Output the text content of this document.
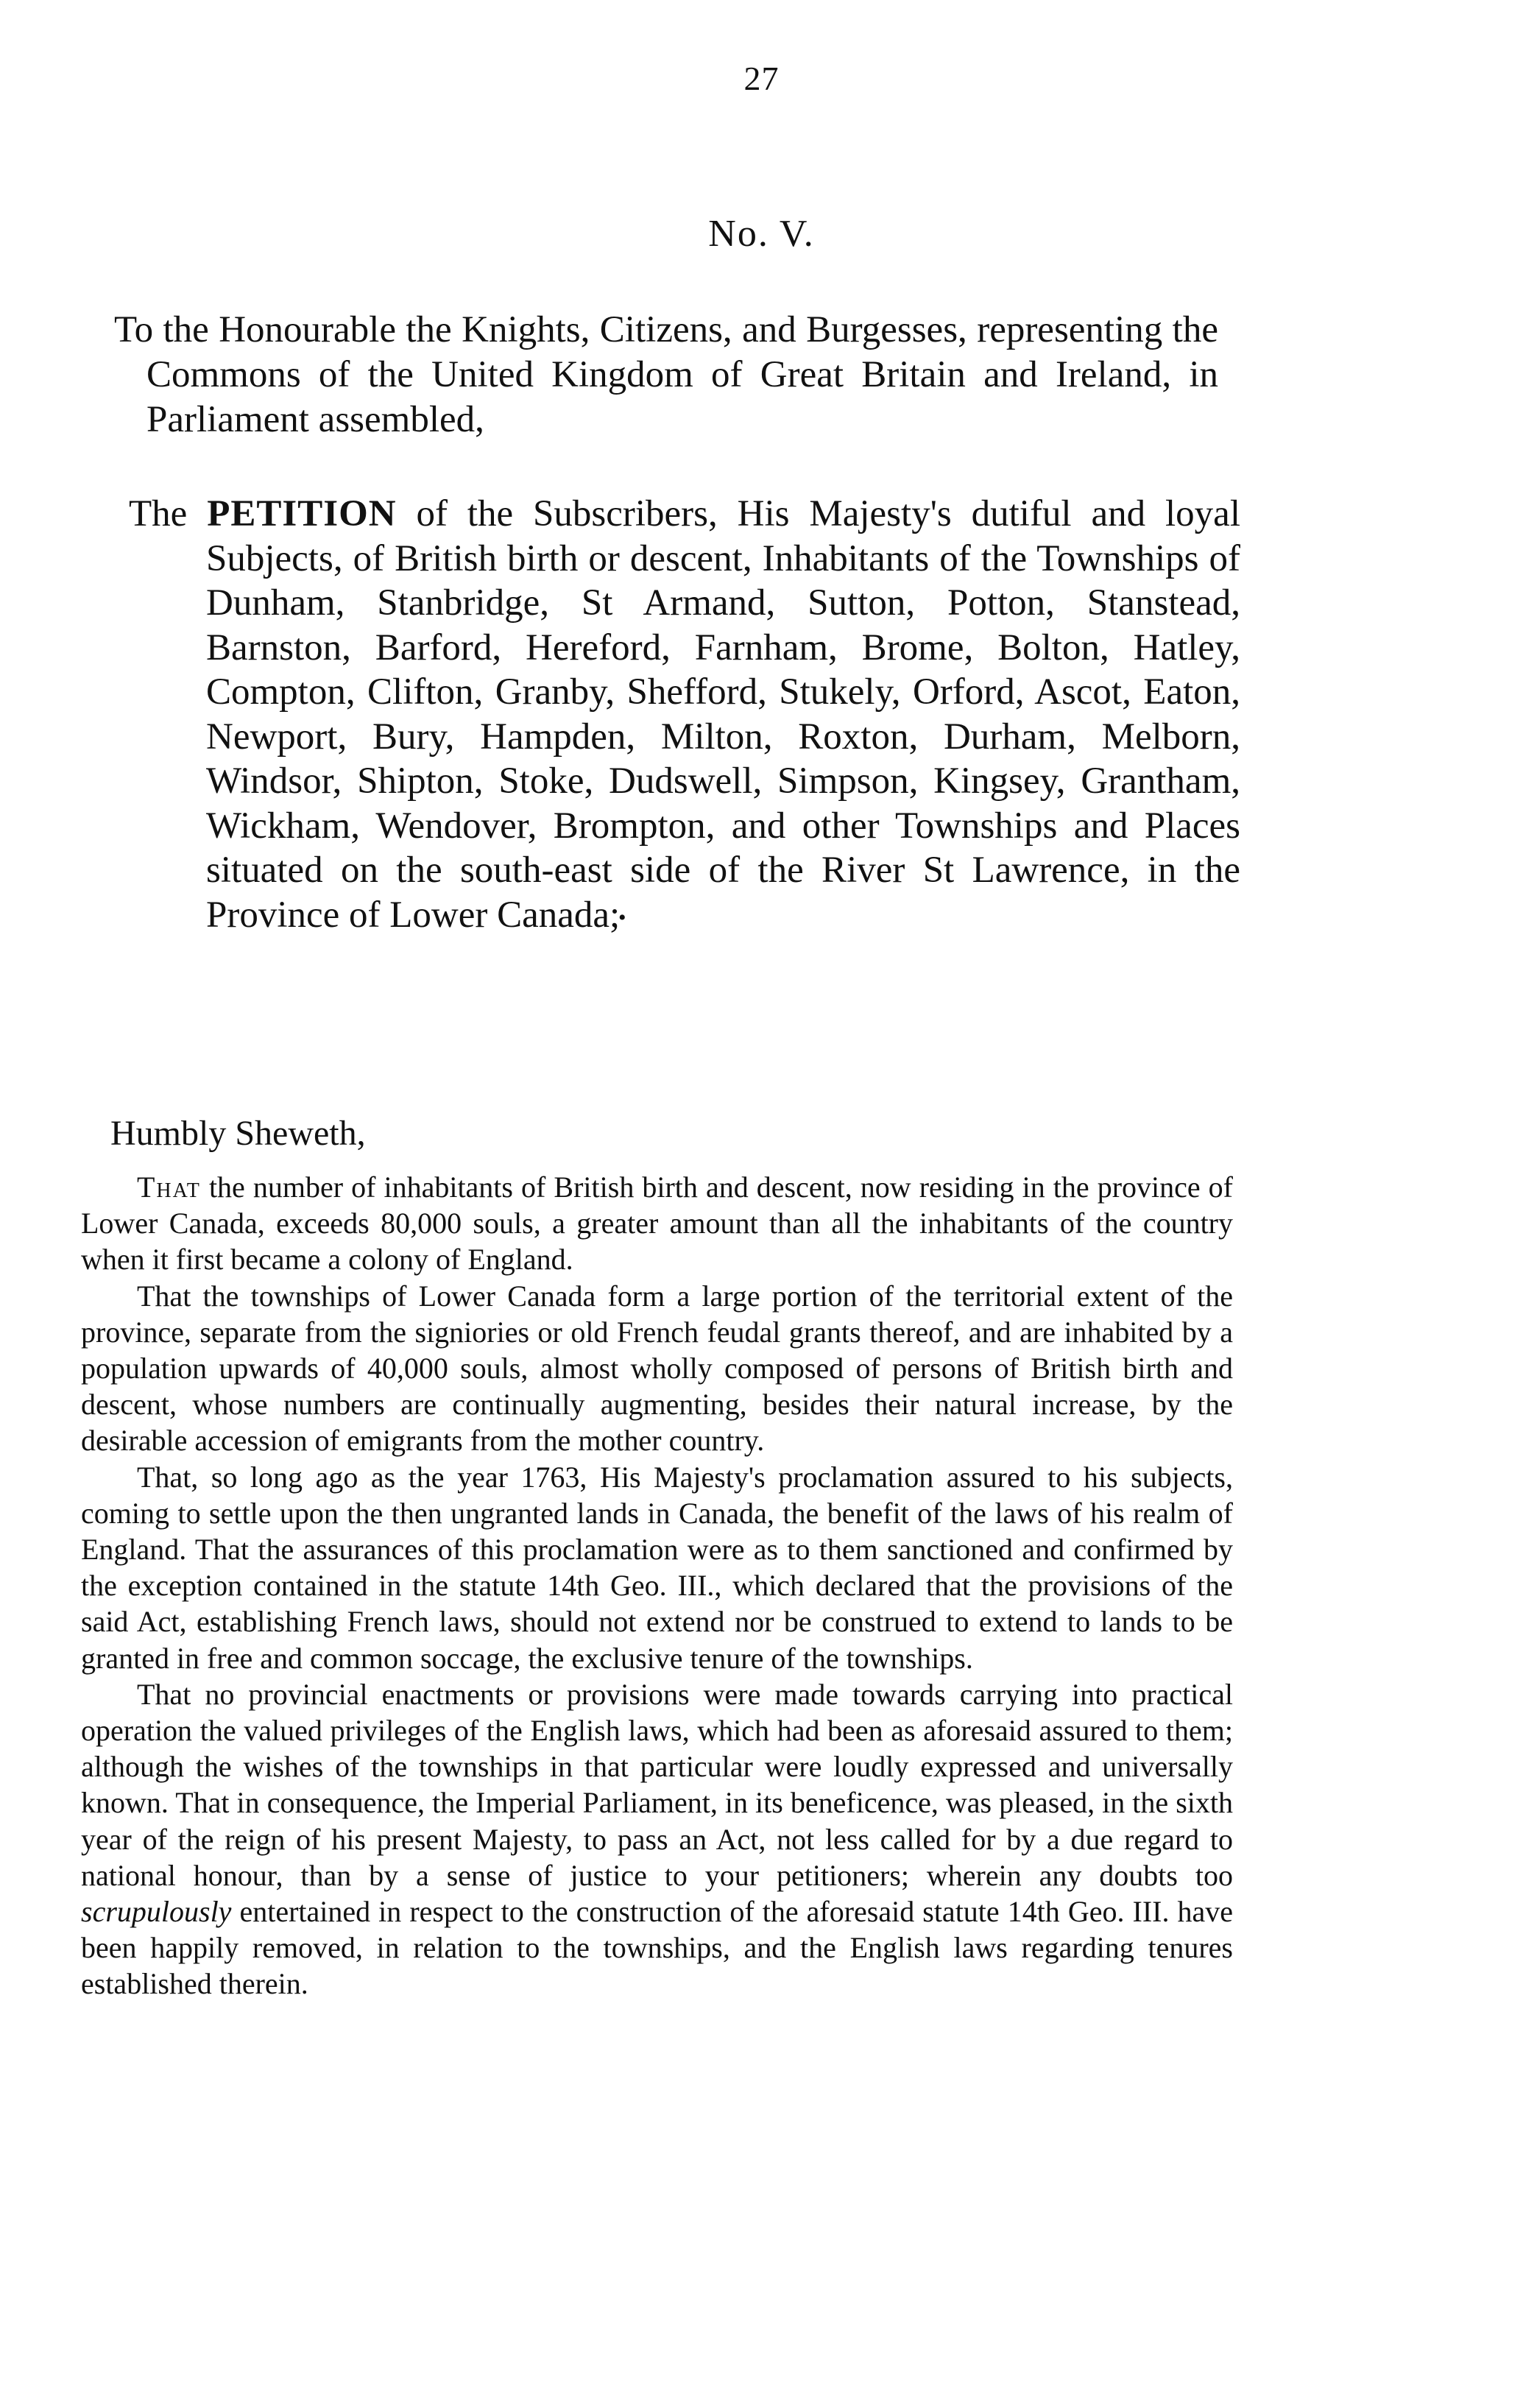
27
No. V.
To the Honourable the Knights, Citizens, and Burgesses, representing the Commons of the United Kingdom of Great Britain and Ireland, in Parliament assembled,
The PETITION of the Subscribers, His Majesty's dutiful and loyal Subjects, of British birth or descent, Inhabitants of the Townships of Dunham, Stanbridge, St Armand, Sutton, Potton, Stanstead, Barnston, Barford, Hereford, Farnham, Brome, Bolton, Hatley, Compton, Clifton, Granby, Shefford, Stukely, Orford, Ascot, Eaton, Newport, Bury, Hampden, Milton, Roxton, Durham, Melborn, Windsor, Shipton, Stoke, Dudswell, Simpson, Kingsey, Grantham, Wickham, Wendover, Brompton, and other Townships and Places situated on the south-east side of the River St Lawrence, in the Province of Lower Canada; •
Humbly Sheweth,

That the number of inhabitants of British birth and descent, now residing in the province of Lower Canada, exceeds 80,000 souls, a greater amount than all the inhabitants of the country when it first became a colony of England.

That the townships of Lower Canada form a large portion of the territorial extent of the province, separate from the signiories or old French feudal grants thereof, and are inhabited by a population upwards of 40,000 souls, almost wholly composed of persons of British birth and descent, whose numbers are continually augmenting, besides their natural increase, by the desirable accession of emigrants from the mother country.

That, so long ago as the year 1763, His Majesty's proclamation assured to his subjects, coming to settle upon the then ungranted lands in Canada, the benefit of the laws of his realm of England. That the assurances of this proclamation were as to them sanctioned and confirmed by the exception contained in the statute 14th Geo. III., which declared that the provisions of the said Act, establishing French laws, should not extend nor be construed to extend to lands to be granted in free and common soccage, the exclusive tenure of the townships.

That no provincial enactments or provisions were made towards carrying into practical operation the valued privileges of the English laws, which had been as aforesaid assured to them; although the wishes of the townships in that particular were loudly expressed and universally known. That in consequence, the Imperial Parliament, in its beneficence, was pleased, in the sixth year of the reign of his present Majesty, to pass an Act, not less called for by a due regard to national honour, than by a sense of justice to your petitioners; wherein any doubts too scrupulously entertained in respect to the construction of the aforesaid statute 14th Geo. III. have been happily removed, in relation to the townships, and the English laws regarding tenures established therein.
